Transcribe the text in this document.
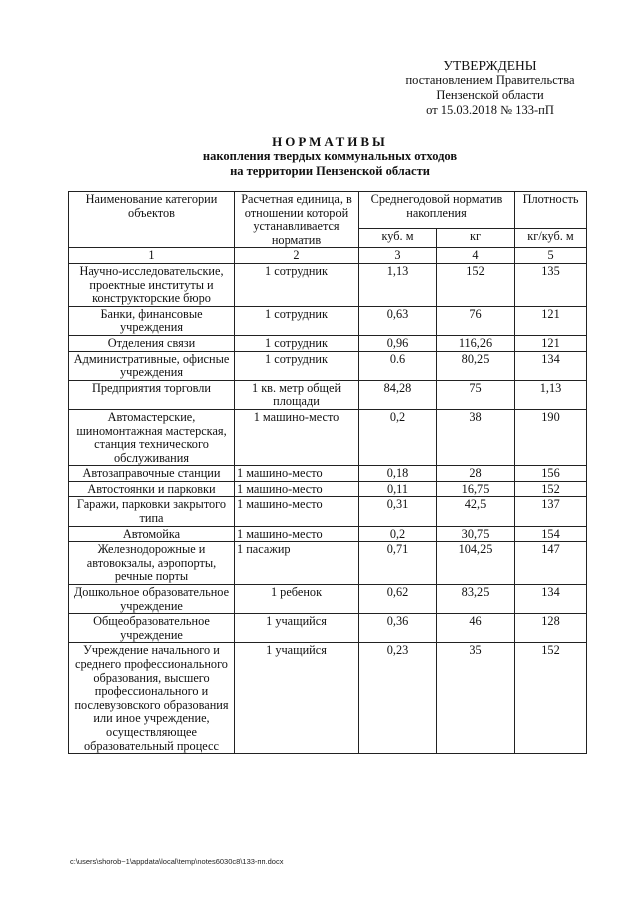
УТВЕРЖДЕНЫ
постановлением Правительства
Пензенской области
от 15.03.2018 № 133-пП
НОРМАТИВЫ
накопления твердых коммунальных отходов
на территории Пензенской области
Наименование категории объектов	Расчетная единица, в отношении которой устанавливается норматив	Среднегодовой норматив накопления		Плотность
		куб. м	кг	кг/куб. м
1	2	3	4	5
Научно-исследовательские, проектные институты и конструкторские бюро	1 сотрудник	1,13	152	135
Банки, финансовые учреждения	1 сотрудник	0,63	76	121
Отделения связи	1 сотрудник	0,96	116,26	121
Административные, офисные учреждения	1 сотрудник	0.6	80,25	134
Предприятия торговли	1 кв. метр общей площади	84,28	75	1,13
Автомастерские, шиномонтажная мастерская, станция технического обслуживания	1 машино-место	0,2	38	190
Автозаправочные станции	1 машино-место	0,18	28	156
Автостоянки и парковки	1 машино-место	0,11	16,75	152
Гаражи, парковки закрытого типа	1 машино-место	0,31	42,5	137
Автомойка	1 машино-место	0,2	30,75	154
Железнодорожные и автовокзалы, аэропорты, речные порты	1 пасажир	0,71	104,25	147
Дошкольное образовательное учреждение	1 ребенок	0,62	83,25	134
Общеобразовательное учреждение	1 учащийся	0,36	46	128
Учреждение начального и среднего профессионального образования, высшего профессионального и послевузовского образования или иное учреждение, осуществляющее образовательный процесс	1 учащийся	0,23	35	152
c:\users\shorob~1\appdata\local\temp\notes6030c8\133-пп.docx
